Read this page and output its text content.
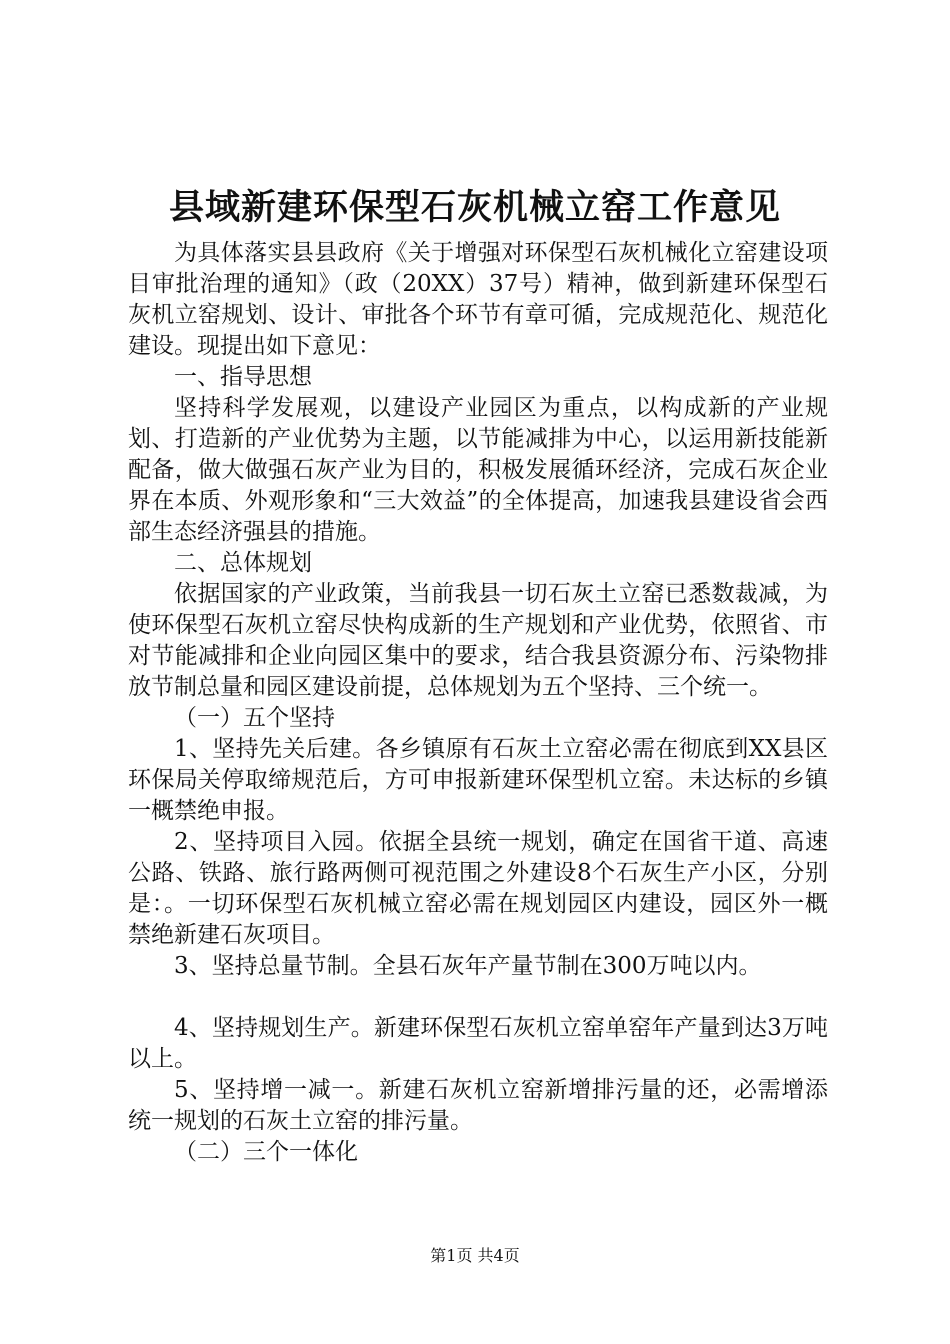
县域新建环保型石灰机械立窑工作意见

为具体落实县县政府《关于增强对环保型石灰机械化立窑建设项目审批治理的通知》（政（20XX）37号）精神，做到新建环保型石灰机立窑规划、设计、审批各个环节有章可循，完成规范化、规范化建设。现提出如下意见：

一、指导思想

坚持科学发展观，以建设产业园区为重点，以构成新的产业规划、打造新的产业优势为主题，以节能减排为中心，以运用新技能新配备，做大做强石灰产业为目的，积极发展循环经济，完成石灰企业界在本质、外观形象和“三大效益”的全体提高，加速我县建设省会西部生态经济强县的措施。

二、总体规划

依据国家的产业政策，当前我县一切石灰土立窑已悉数裁减，为使环保型石灰机立窑尽快构成新的生产规划和产业优势，依照省、市对节能减排和企业向园区集中的要求，结合我县资源分布、污染物排放节制总量和园区建设前提，总体规划为五个坚持、三个统一。

（一）五个坚持

1、坚持先关后建。各乡镇原有石灰土立窑必需在彻底到XX县区环保局关停取缔规范后，方可申报新建环保型机立窑。未达标的乡镇一概禁绝申报。

2、坚持项目入园。依据全县统一规划，确定在国省干道、高速公路、铁路、旅行路两侧可视范围之外建设8个石灰生产小区，分别是：。一切环保型石灰机械立窑必需在规划园区内建设，园区外一概禁绝新建石灰项目。

3、坚持总量节制。全县石灰年产量节制在300万吨以内。

4、坚持规划生产。新建环保型石灰机立窑单窑年产量到达3万吨以上。

5、坚持增一减一。新建石灰机立窑新增排污量的还，必需增添统一规划的石灰土立窑的排污量。

（二）三个一体化

第1页 共4页
